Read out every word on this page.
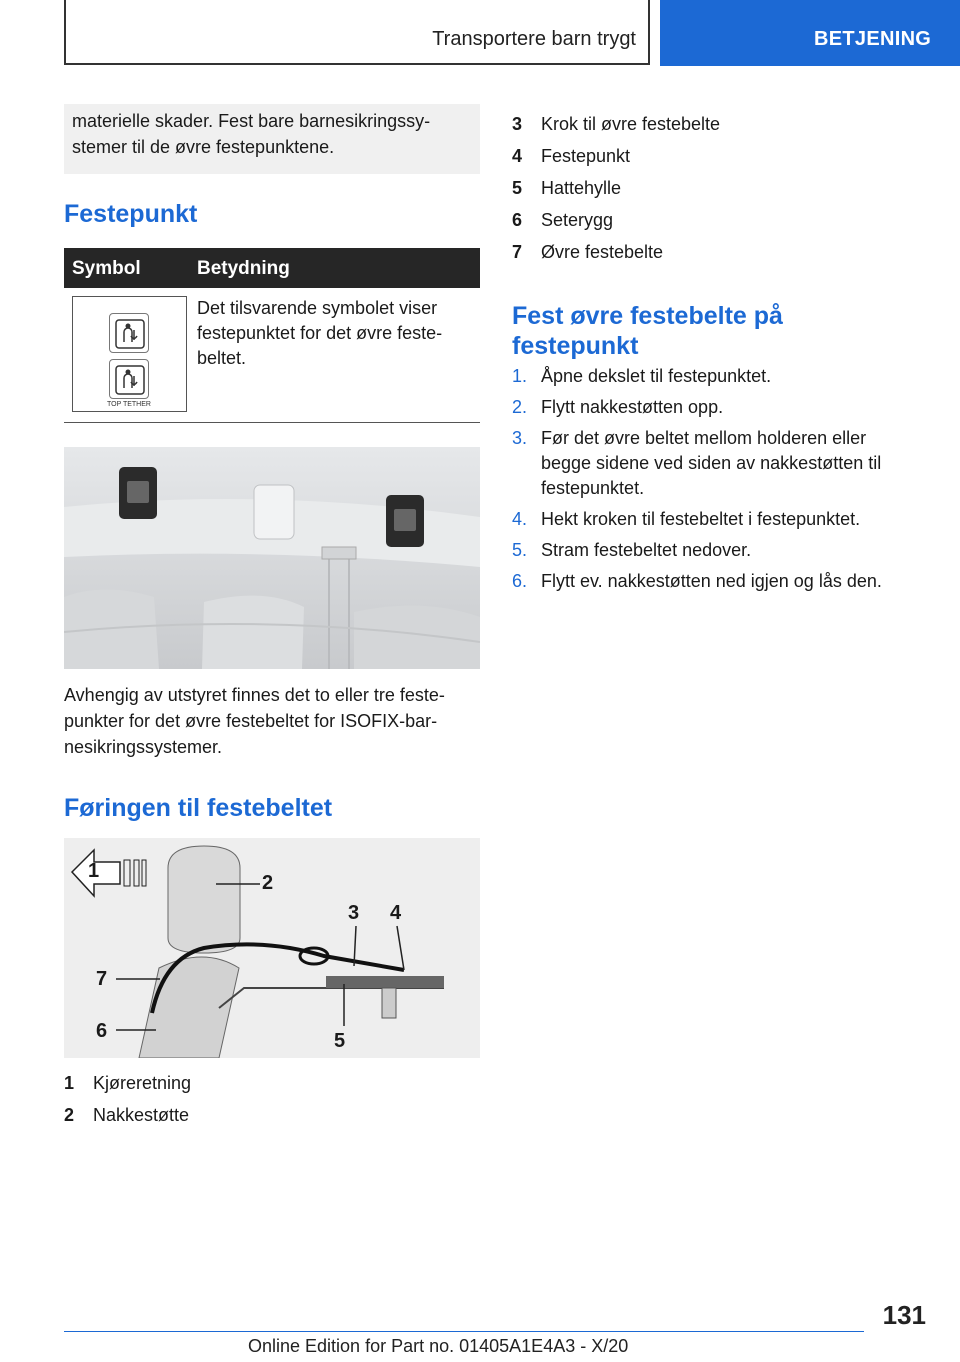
Transportere barn trygt	BETJENING
materielle skader. Fest bare barnesikringssy-
stemer til de øvre festepunktene.
Festepunkt
Symbol	Betydning
TOP TETHER
Det tilsvarende symbolet viser
festepunktet for det øvre feste-
beltet.
Avhengig av utstyret finnes det to eller tre feste-
punkter for det øvre festebeltet for ISOFIX-bar-
nesikringssystemer.
Føringen til festebeltet
1
2
3 4
5
6
7
1 Kjøreretning
2 Nakkestøtte
3 Krok til øvre festebelte
4 Festepunkt
5 Hattehylle
6 Seterygg
7 Øvre festebelte
Fest øvre festebelte på
festepunkt
1. Åpne dekslet til festepunktet.
2. Flytt nakkestøtten opp.
3. Før det øvre beltet mellom holderen eller
begge sidene ved siden av nakkestøtten til
festepunktet.
4. Hekt kroken til festebeltet i festepunktet.
5. Stram festebeltet nedover.
6. Flytt ev. nakkestøtten ned igjen og lås den.
131
Online Edition for Part no. 01405A1E4A3 - X/20
